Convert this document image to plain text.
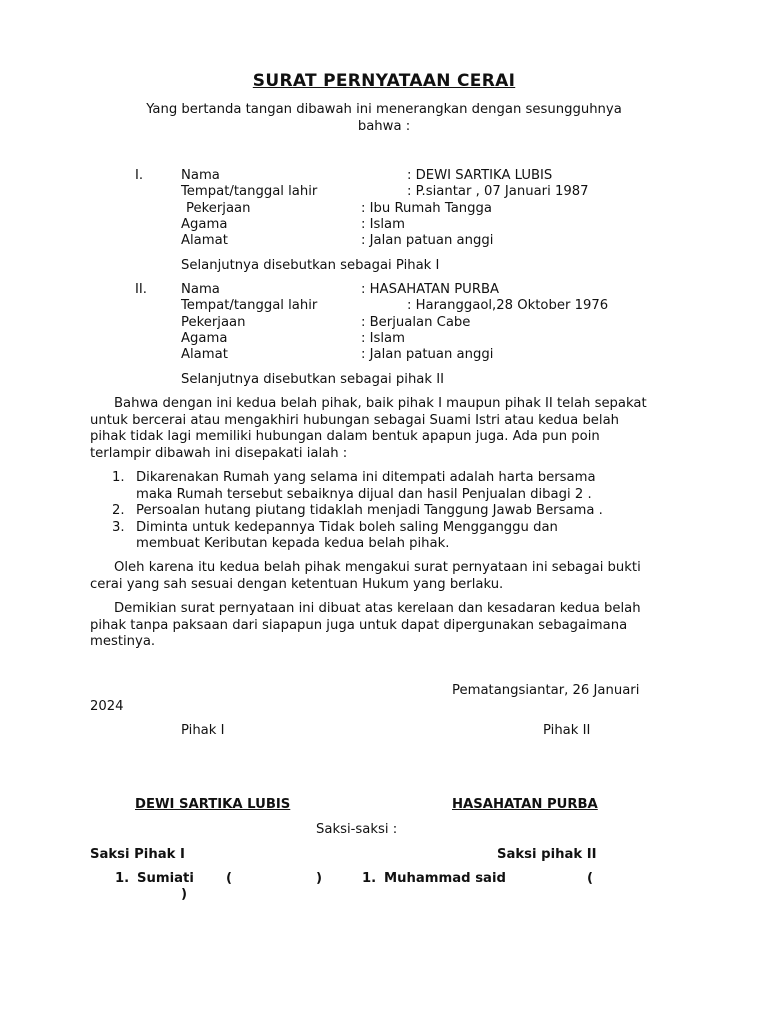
SURAT PERNYATAAN CERAI
Yang bertanda tangan dibawah ini menerangkan dengan sesungguhnya
bahwa :
I.	Nama	: DEWI SARTIKA LUBIS
Tempat/tanggal lahir	: P.siantar , 07 Januari 1987
Pekerjaan	: Ibu Rumah Tangga
Agama	: Islam
Alamat	: Jalan patuan anggi
Selanjutnya disebutkan sebagai Pihak I
II.	Nama	: HASAHATAN PURBA
Tempat/tanggal lahir	: Haranggaol,28 Oktober 1976
Pekerjaan	: Berjualan Cabe
Agama	: Islam
Alamat	: Jalan patuan anggi
Selanjutnya disebutkan sebagai pihak II
Bahwa dengan ini kedua belah pihak, baik pihak I maupun pihak II telah sepakat untuk bercerai atau mengakhiri hubungan sebagai Suami Istri atau kedua belah pihak tidak lagi memiliki hubungan dalam bentuk apapun juga. Ada pun poin terlampir dibawah ini disepakati ialah :
1. Dikarenakan Rumah yang selama ini ditempati adalah harta bersama
maka Rumah tersebut sebaiknya dijual dan hasil Penjualan dibagi 2 .
2. Persoalan hutang piutang tidaklah menjadi Tanggung Jawab Bersama .
3. Diminta untuk kedepannya Tidak boleh saling Mengganggu dan
membuat Keributan kepada kedua belah pihak.
Oleh karena itu kedua belah pihak mengakui surat pernyataan ini sebagai bukti cerai yang sah sesuai dengan ketentuan Hukum yang berlaku.
Demikian surat pernyataan ini dibuat atas kerelaan dan kesadaran kedua belah pihak tanpa paksaan dari siapapun juga untuk dapat dipergunakan sebagaimana mestinya.
Pematangsiantar, 26 Januari
2024
Pihak I	Pihak II
DEWI SARTIKA LUBIS	HASAHATAN PURBA
Saksi-saksi :
Saksi Pihak I	Saksi pihak II
1. Sumiati (	)	1. Muhammad said	(
)
